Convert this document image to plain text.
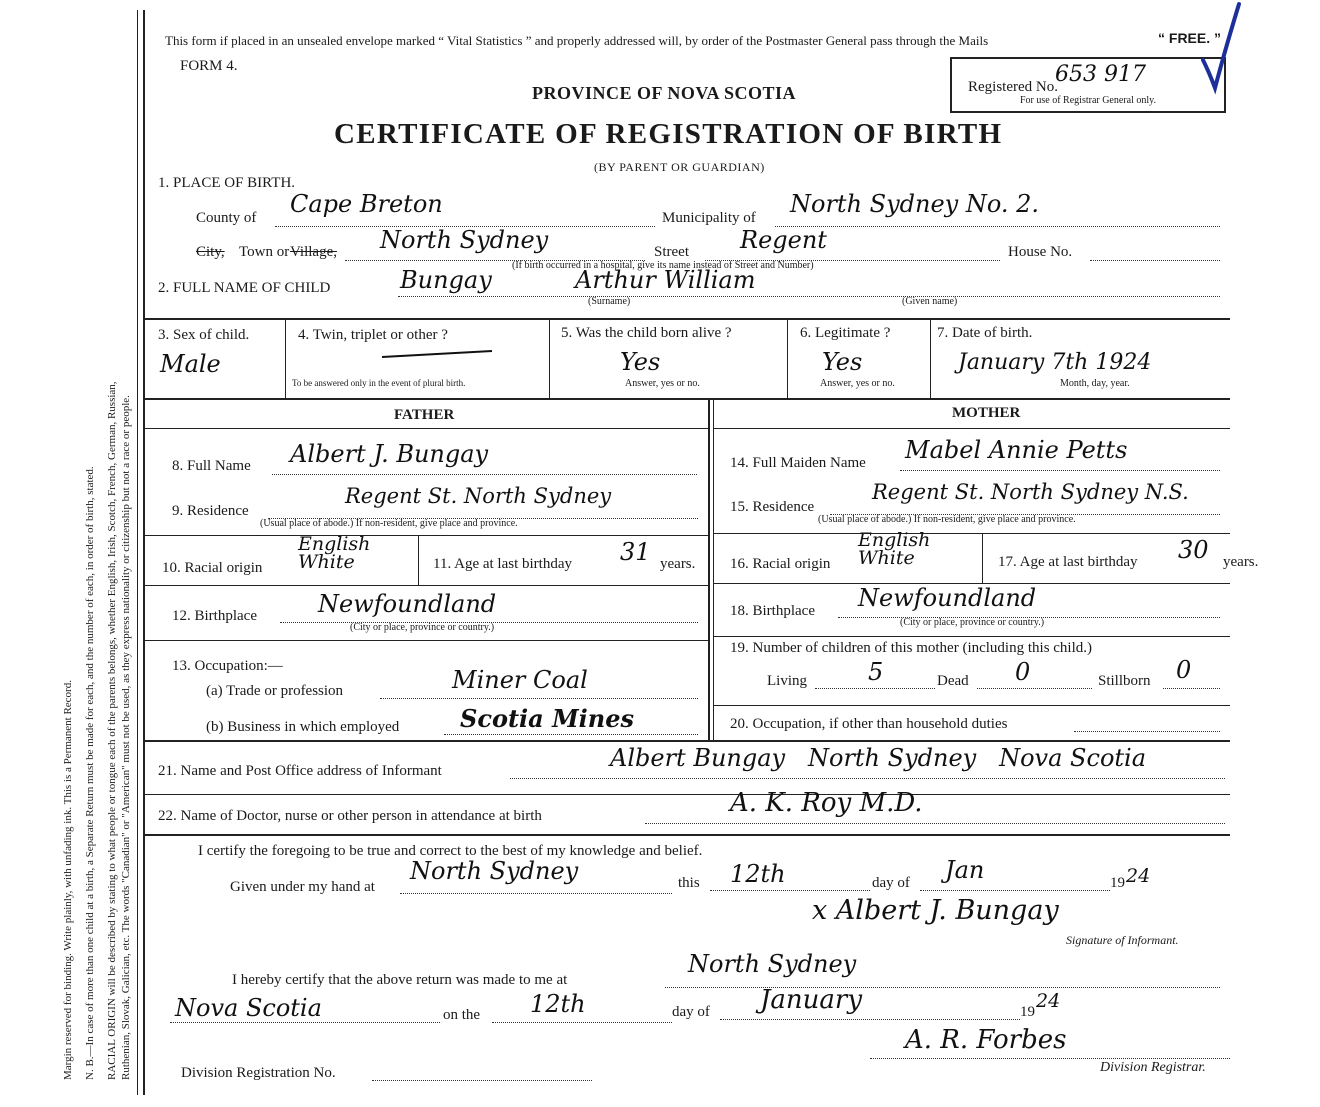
Margin reserved for binding. Write plainly, with unfading ink. This is a Permanent Record. N. B.—In case of more than one child at a birth, a Separate Return must be made for each, and the number of each, in order of birth, stated. RACIAL ORIGIN will be described by stating to what people or tongue each of the parents belongs, whether English, Irish, Scotch, French, German, Russian, Ruthenian, Slovak, Galician, etc. The words "Canadian" or "American" must not be used, as they express nationality or citizenship but not a race or people.
This form if placed in an unsealed envelope marked “ Vital Statistics ” and properly addressed will, by order of the Postmaster General pass through the Mails	“ FREE. ”
FORM 4.
PROVINCE OF NOVA SCOTIA
CERTIFICATE OF REGISTRATION OF BIRTH
(BY PARENT OR GUARDIAN)
Registered No.
653 917
For use of Registrar General only.
1. PLACE OF BIRTH.
County of Cape Breton	Municipality of North Sydney No. 2.
City, Town or Village, North Sydney	Street Regent	House No.
(If birth occurred in a hospital, give its name instead of Street and Number)
2. FULL NAME OF CHILD	Bungay	Arthur William
(Surname)	(Given name)
3. Sex of child.
Male
4. Twin, triplet or other ?
To be answered only in the event of plural birth.
5. Was the child born alive ?
Yes
Answer, yes or no.
6. Legitimate ?
Yes
Answer, yes or no.
7. Date of birth.
January 7th 1924
Month, day, year.
FATHER	MOTHER
8. Full Name Albert J. Bungay
9. Residence
Regent St. North Sydney
(Usual place of abode.) If non-resident, give place and province.
10. Racial origin
English White	11. Age at last birthday 31 years.
12. Birthplace	Newfoundland
(City or place, province or country.)
13. Occupation:—
(a) Trade or profession	Miner Coal
(b) Business in which employed	Scotia Mines
14. Full Maiden Name Mabel Annie Petts
15. Residence
Regent St. North Sydney N.S.
(Usual place of abode.) If non-resident, give place and province.
16. Racial origin
English White	17. Age at last birthday 30 years.
18. Birthplace Newfoundland
(City or place, province or country.)
19. Number of children of this mother (including this child.)
Living	5	Dead 0	Stillborn 0
20. Occupation, if other than household duties
21. Name and Post Office address of Informant	Albert Bungay   North Sydney   Nova Scotia
22. Name of Doctor, nurse or other person in attendance at birth	A. K. Roy M.D.
I certify the foregoing to be true and correct to the best of my knowledge and belief.
Given under my hand at
North Sydney	this 12th	day of Jan	19 24
x Albert J. Bungay
Signature of Informant.
I hereby certify that the above return was made to me at
North Sydney
Nova Scotia	on the 12th	day of January	19 24
A. R. Forbes
Division Registration No.	Division Registrar.
